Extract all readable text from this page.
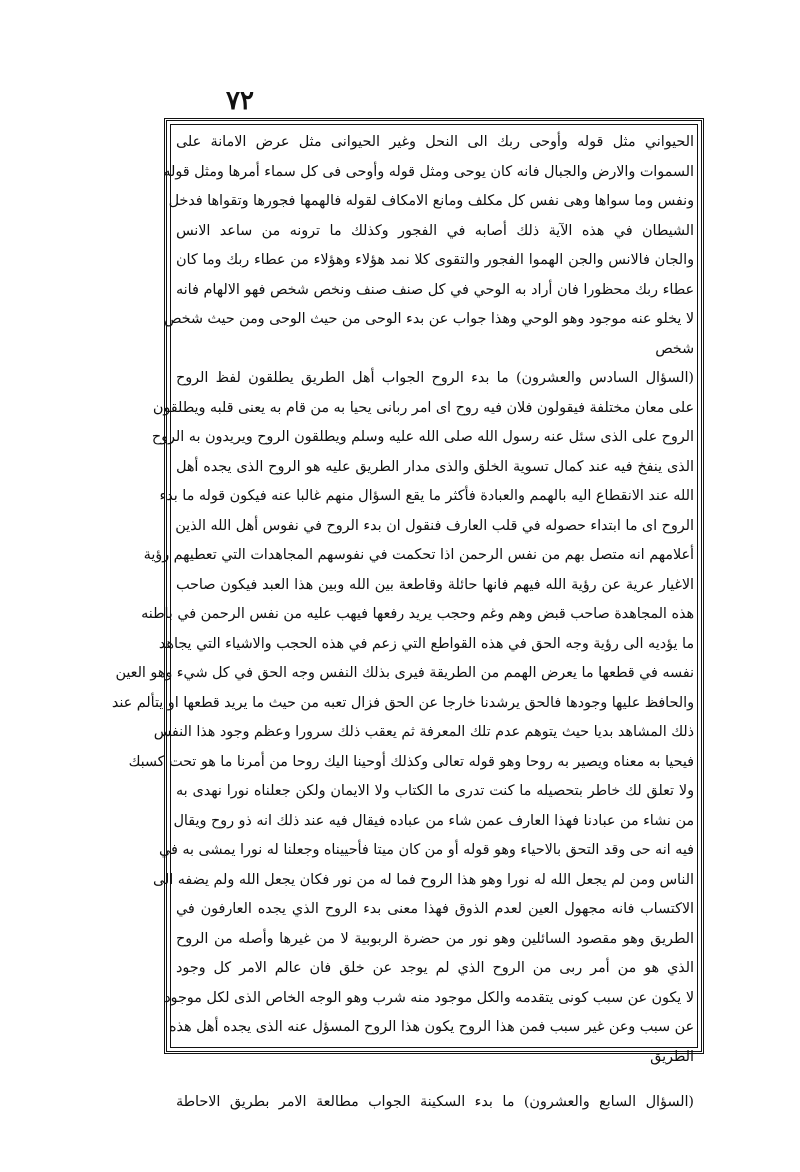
٧٢
الحيواني مثل قوله وأوحى ربك الى النحل وغير الحيوانى مثل عرض الامانة على
السموات والارض والجبال فانه كان يوحى ومثل قوله وأوحى فى كل سماء أمرها ومثل قوله
ونفس وما سواها وهى نفس كل مكلف ومانع الامكاف لقوله فالهمها فجورها وتقواها فدخل
الشيطان في هذه الآية ذلك أصابه في الفجور وكذلك ما ترونه من ساعد الانس
والجان فالانس والجن الهموا الفجور والتقوى كلا نمد هؤلاء وهؤلاء من عطاء ربك وما كان
عطاء ربك محظورا فان أراد به الوحي في كل صنف صنف ونخص شخص فهو الالهام فانه
لا يخلو عنه موجود وهو الوحي وهذا جواب عن بدء الوحى من حيث الوحى ومن حيث شخص
شخص
(السؤال السادس والعشرون) ما بدء الروح الجواب أهل الطريق يطلقون لفظ الروح
على معان مختلفة فيقولون فلان فيه روح اى امر ربانى يحيا به من قام به يعنى قلبه ويطلقون
الروح على الذى سئل عنه رسول الله صلى الله عليه وسلم ويطلقون الروح ويريدون به الروح
الذى ينفخ فيه عند كمال تسوية الخلق والذى مدار الطريق عليه هو الروح الذى يجده أهل
الله عند الانقطاع اليه بالهمم والعبادة فأكثر ما يقع السؤال منهم غالبا عنه فيكون قوله ما بدء
الروح اى ما ابتداء حصوله في قلب العارف فنقول ان بدء الروح في نفوس أهل الله الذين
أعلامهم انه متصل بهم من نفس الرحمن اذا تحكمت في نفوسهم المجاهدات التي تعطيهم رؤية
الاغيار عرية عن رؤية الله فيهم فانها حائلة وقاطعة بين الله وبين هذا العبد فيكون صاحب
هذه المجاهدة صاحب قبض وهم وغم وحجب يريد رفعها فيهب عليه من نفس الرحمن في باطنه
ما يؤديه الى رؤية وجه الحق في هذه القواطع التي زعم في هذه الحجب والاشياء التي يجاهد
نفسه في قطعها ما يعرض الهمم من الطريقة فيرى بذلك النفس وجه الحق في كل شيء وهو العين
والحافظ عليها وجودها فالحق يرشدنا خارجا عن الحق فزال تعبه من حيث ما يريد قطعها او يتألم عند
ذلك المشاهد بديا حيث يتوهم عدم تلك المعرفة ثم يعقب ذلك سرورا وعظم وجود هذا النفس
فيحيا به معناه ويصير به روحا وهو قوله تعالى وكذلك أوحينا اليك روحا من أمرنا ما هو تحت كسبك
ولا تعلق لك خاطر بتحصيله ما كنت تدرى ما الكتاب ولا الايمان ولكن جعلناه نورا نهدى به
من نشاء من عبادنا فهذا العارف عمن شاء من عباده فيقال فيه عند ذلك انه ذو روح ويقال
فيه انه حى وقد التحق بالاحياء وهو قوله أو من كان ميتا فأحييناه وجعلنا له نورا يمشى به في
الناس ومن لم يجعل الله له نورا وهو هذا الروح فما له من نور فكان يجعل الله ولم يضفه الى
الاكتساب فانه مجهول العين لعدم الذوق فهذا معنى بدء الروح الذي يجده العارفون في
الطريق وهو مقصود السائلين وهو نور من حضرة الربوبية لا من غيرها وأصله من الروح
الذي هو من أمر ربى من الروح الذي لم يوجد عن خلق فان عالم الامر كل وجود
لا يكون عن سبب كونى يتقدمه والكل موجود منه شرب وهو الوجه الخاص الذى لكل موجود
عن سبب وعن غير سبب فمن هذا الروح يكون هذا الروح المسؤل عنه الذى يجده أهل هذه
الطريق
(السؤال السابع والعشرون) ما بدء السكينة الجواب مطالعة الامر بطريق الاحاطة
